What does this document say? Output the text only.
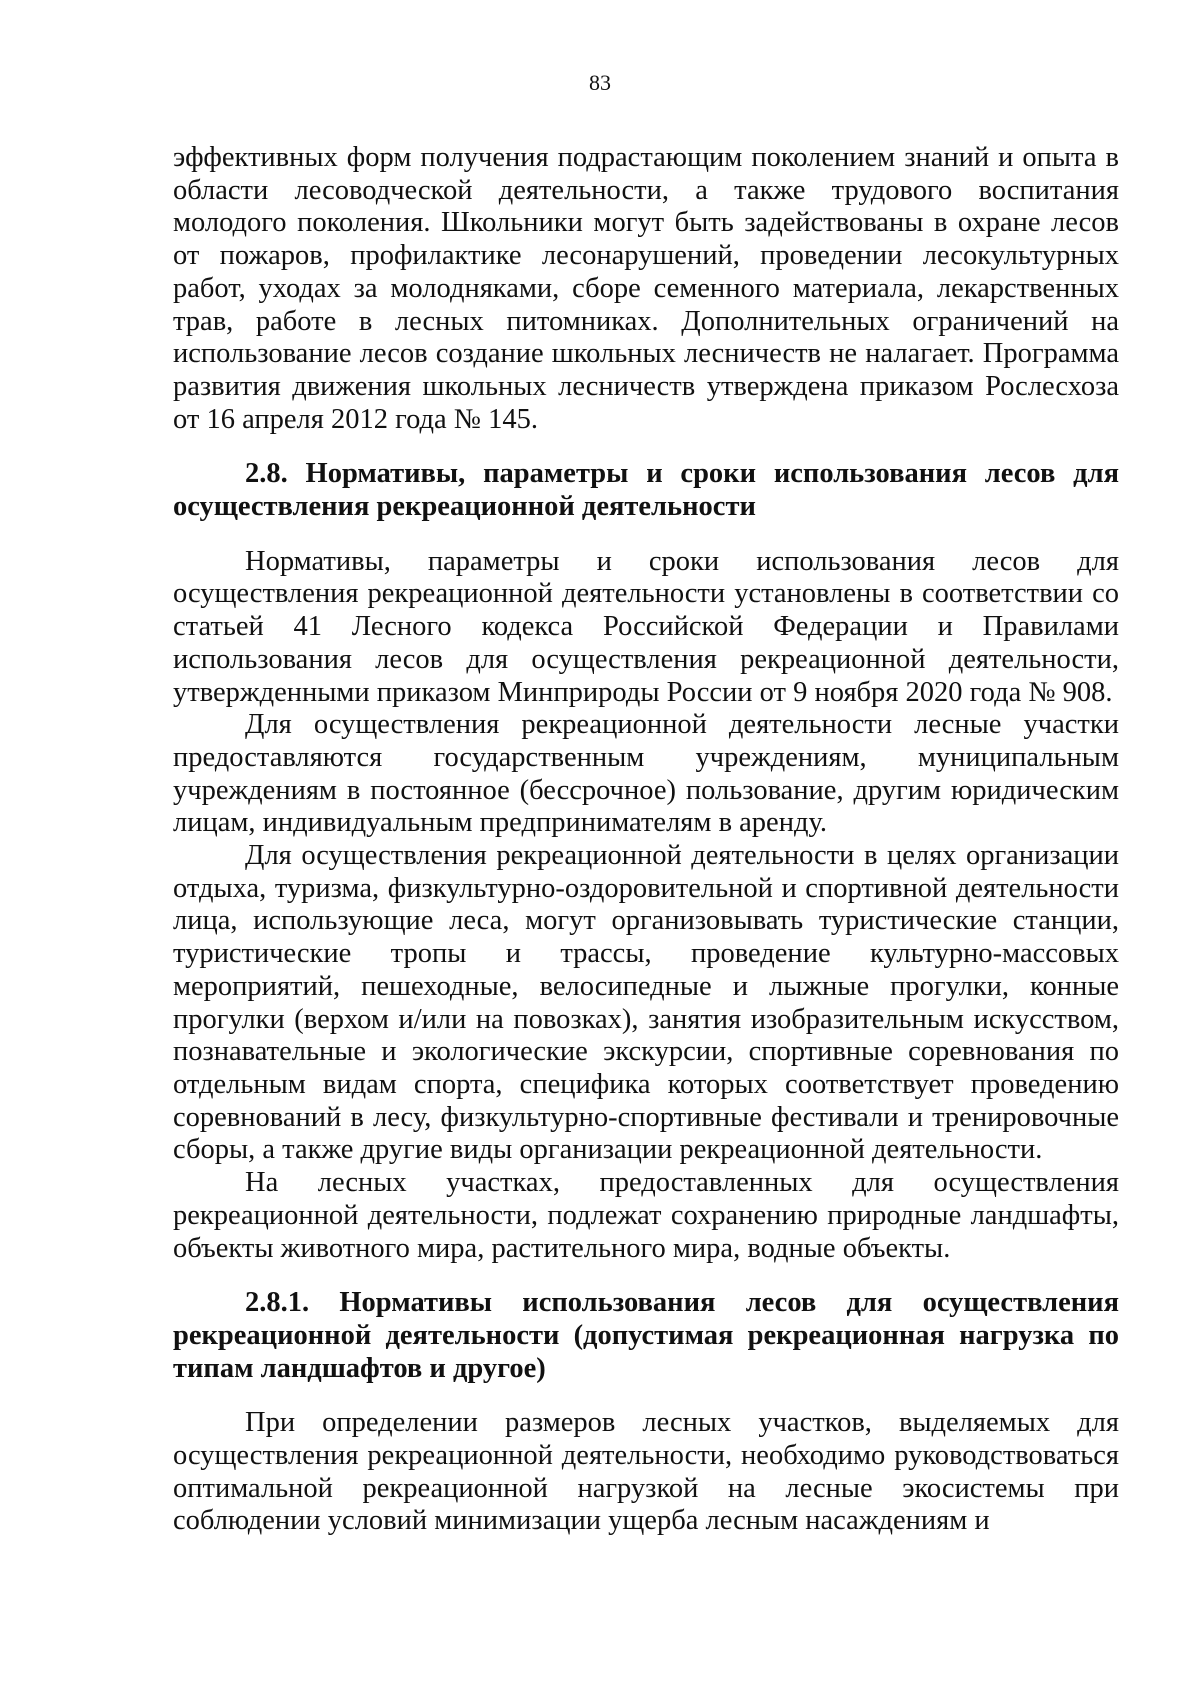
83

эффективных форм получения подрастающим поколением знаний и опыта в области лесоводческой деятельности, а также трудового воспитания молодого поколения. Школьники могут быть задействованы в охране лесов от пожаров, профилактике лесонарушений, проведении лесокультурных работ, уходах за молодняками, сборе семенного материала, лекарственных трав, работе в лесных питомниках. Дополнительных ограничений на использование лесов создание школьных лесничеств не налагает. Программа развития движения школьных лесничеств утверждена приказом Рослесхоза от 16 апреля 2012 года № 145.

2.8. Нормативы, параметры и сроки использования лесов для осуществления рекреационной деятельности

Нормативы, параметры и сроки использования лесов для осуществления рекреационной деятельности установлены в соответствии со статьей 41 Лесного кодекса Российской Федерации и Правилами использования лесов для осуществления рекреационной деятельности, утвержденными приказом Минприроды России от 9 ноября 2020 года № 908.

Для осуществления рекреационной деятельности лесные участки предоставляются государственным учреждениям, муниципальным учреждениям в постоянное (бессрочное) пользование, другим юридическим лицам, индивидуальным предпринимателям в аренду.

Для осуществления рекреационной деятельности в целях организации отдыха, туризма, физкультурно-оздоровительной и спортивной деятельности лица, использующие леса, могут организовывать туристические станции, туристические тропы и трассы, проведение культурно-массовых мероприятий, пешеходные, велосипедные и лыжные прогулки, конные прогулки (верхом и/или на повозках), занятия изобразительным искусством, познавательные и экологические экскурсии, спортивные соревнования по отдельным видам спорта, специфика которых соответствует проведению соревнований в лесу, физкультурно-спортивные фестивали и тренировочные сборы, а также другие виды организации рекреационной деятельности.

На лесных участках, предоставленных для осуществления рекреационной деятельности, подлежат сохранению природные ландшафты, объекты животного мира, растительного мира, водные объекты.

2.8.1. Нормативы использования лесов для осуществления рекреационной деятельности (допустимая рекреационная нагрузка по типам ландшафтов и другое)

При определении размеров лесных участков, выделяемых для осуществления рекреационной деятельности, необходимо руководствоваться оптимальной рекреационной нагрузкой на лесные экосистемы при соблюдении условий минимизации ущерба лесным насаждениям и
